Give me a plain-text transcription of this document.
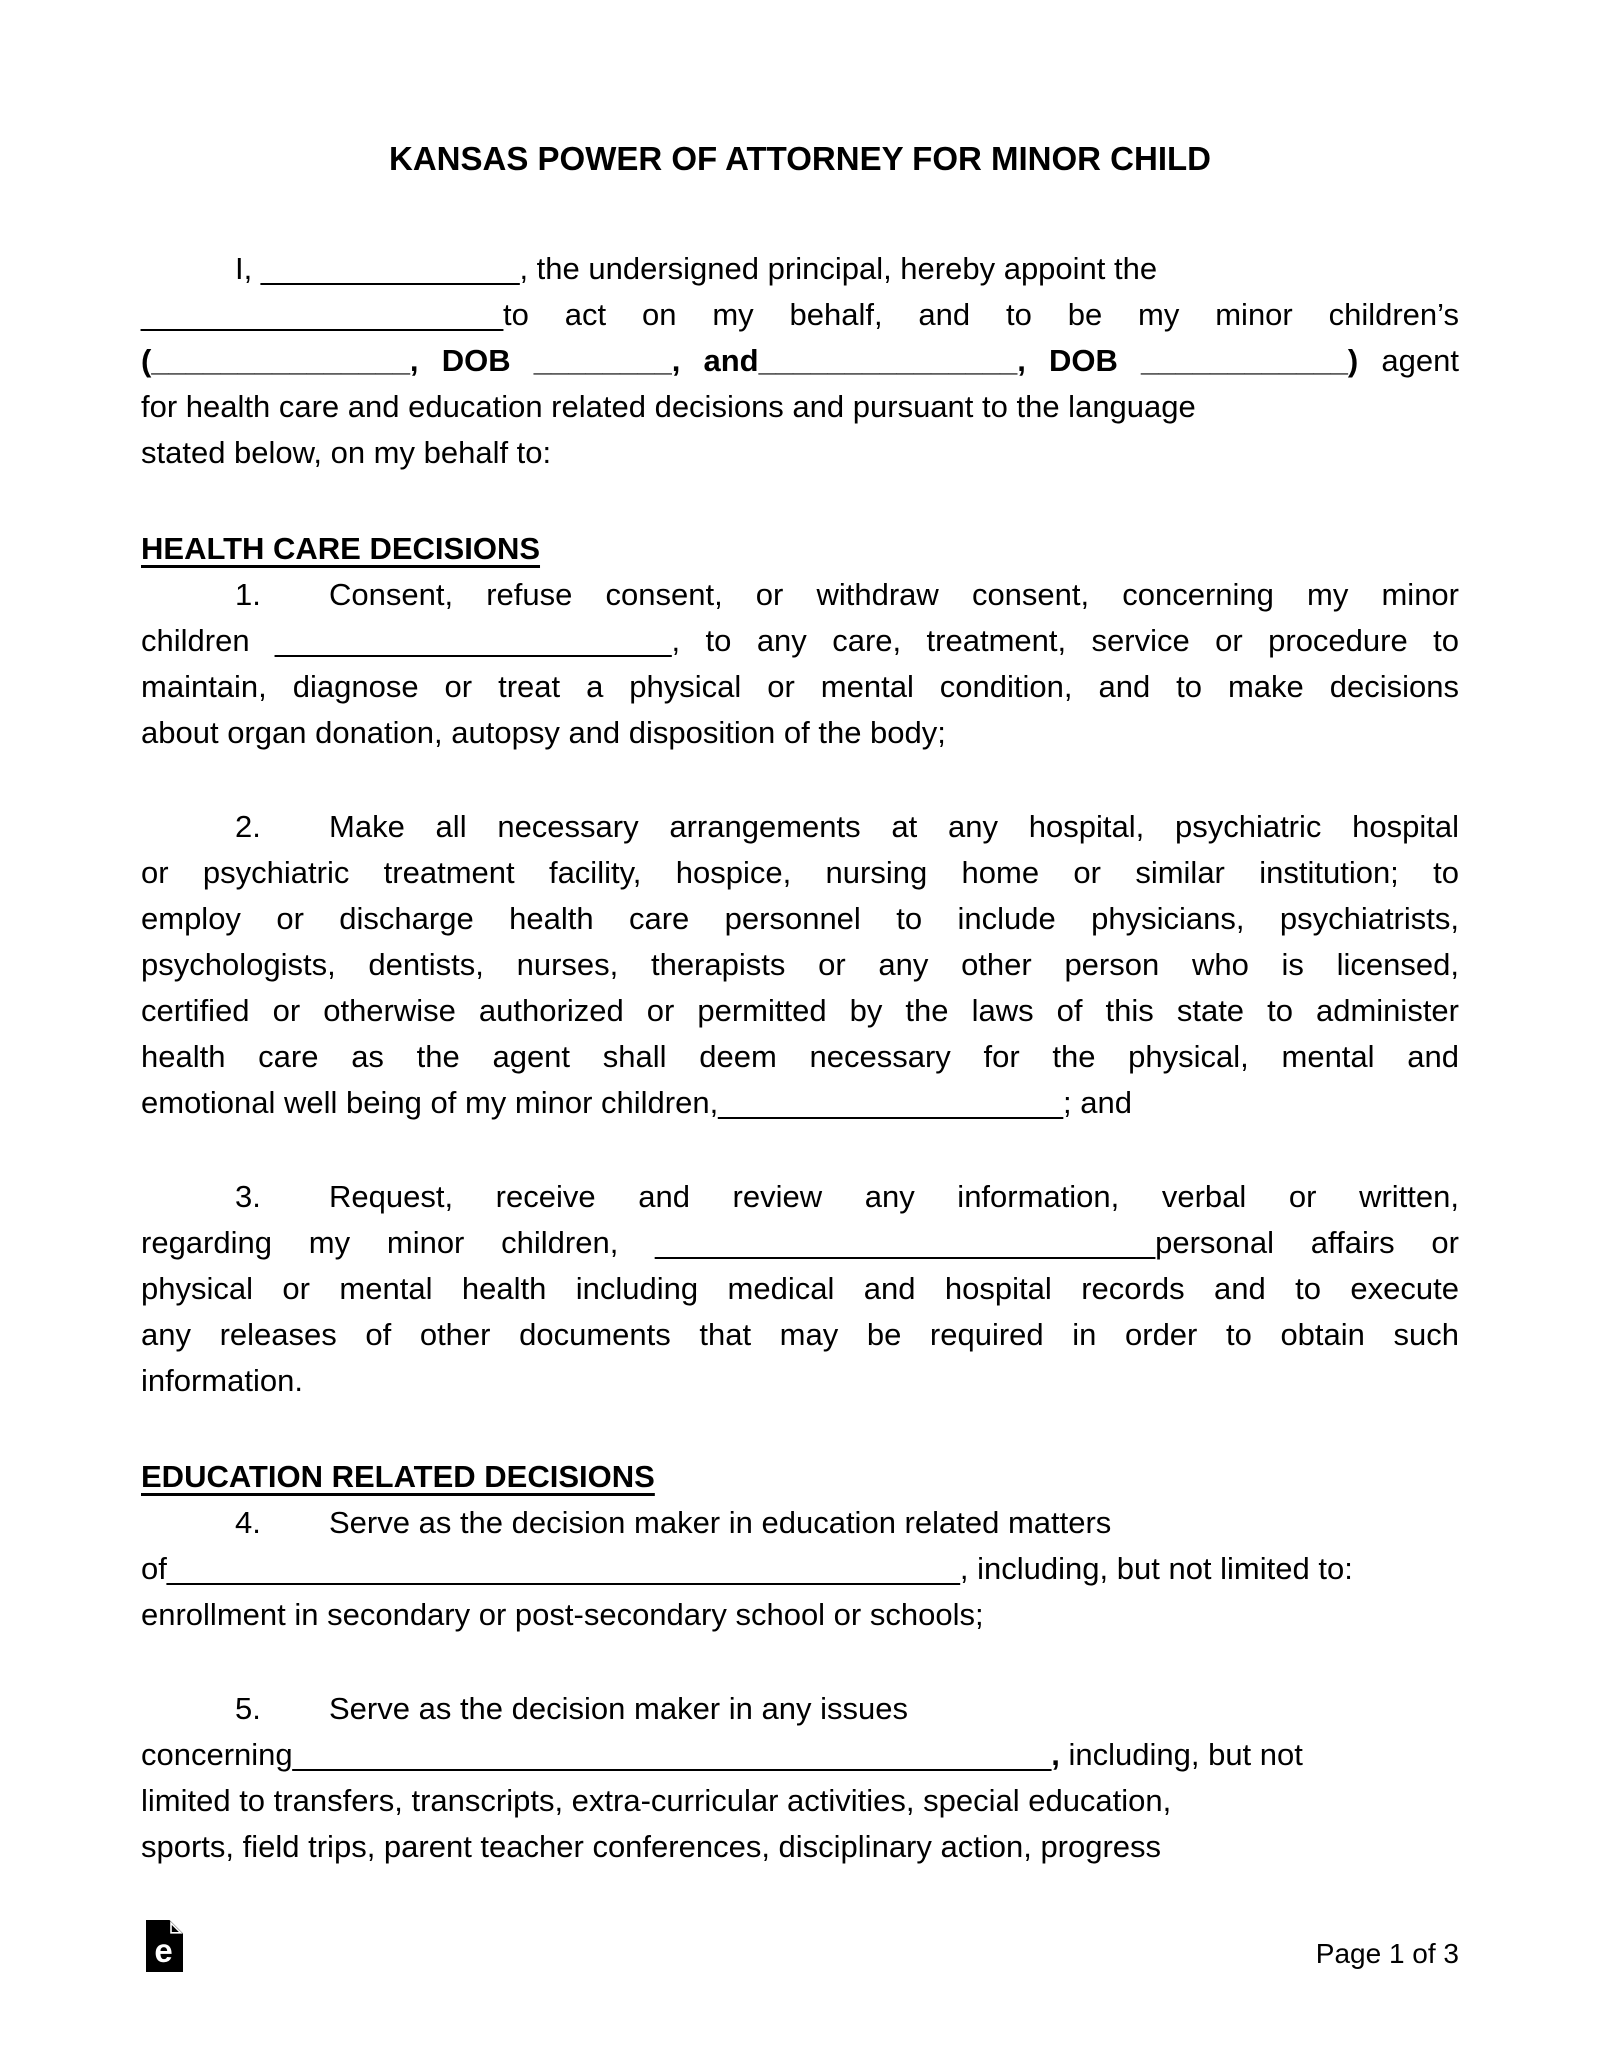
KANSAS POWER OF ATTORNEY FOR MINOR CHILD
I, _______________, the undersigned principal, hereby appoint the
_____________________to act on my behalf, and to be my minor children’s
(_______________, DOB ________, and_______________, DOB ____________) agent
for health care and education related decisions and pursuant to the language
stated below, on my behalf to:
HEALTH CARE DECISIONS
1. Consent, refuse consent, or withdraw consent, concerning my minor
children _______________________, to any care, treatment, service or procedure to
maintain, diagnose or treat a physical or mental condition, and to make decisions
about organ donation, autopsy and disposition of the body;
2. Make all necessary arrangements at any hospital, psychiatric hospital
or psychiatric treatment facility, hospice, nursing home or similar institution; to
employ or discharge health care personnel to include physicians, psychiatrists,
psychologists, dentists, nurses, therapists or any other person who is licensed,
certified or otherwise authorized or permitted by the laws of this state to administer
health care as the agent shall deem necessary for the physical, mental and
emotional well being of my minor children,____________________; and
3. Request, receive and review any information, verbal or written,
regarding my minor children, _____________________________personal affairs or
physical or mental health including medical and hospital records and to execute
any releases of other documents that may be required in order to obtain such
information.
EDUCATION RELATED DECISIONS
4. Serve as the decision maker in education related matters
of______________________________________________, including, but not limited to:
enrollment in secondary or post-secondary school or schools;
5. Serve as the decision maker in any issues
concerning____________________________________________, including, but not
limited to transfers, transcripts, extra-curricular activities, special education,
sports, field trips, parent teacher conferences, disciplinary action, progress
e	Page 1 of 3
